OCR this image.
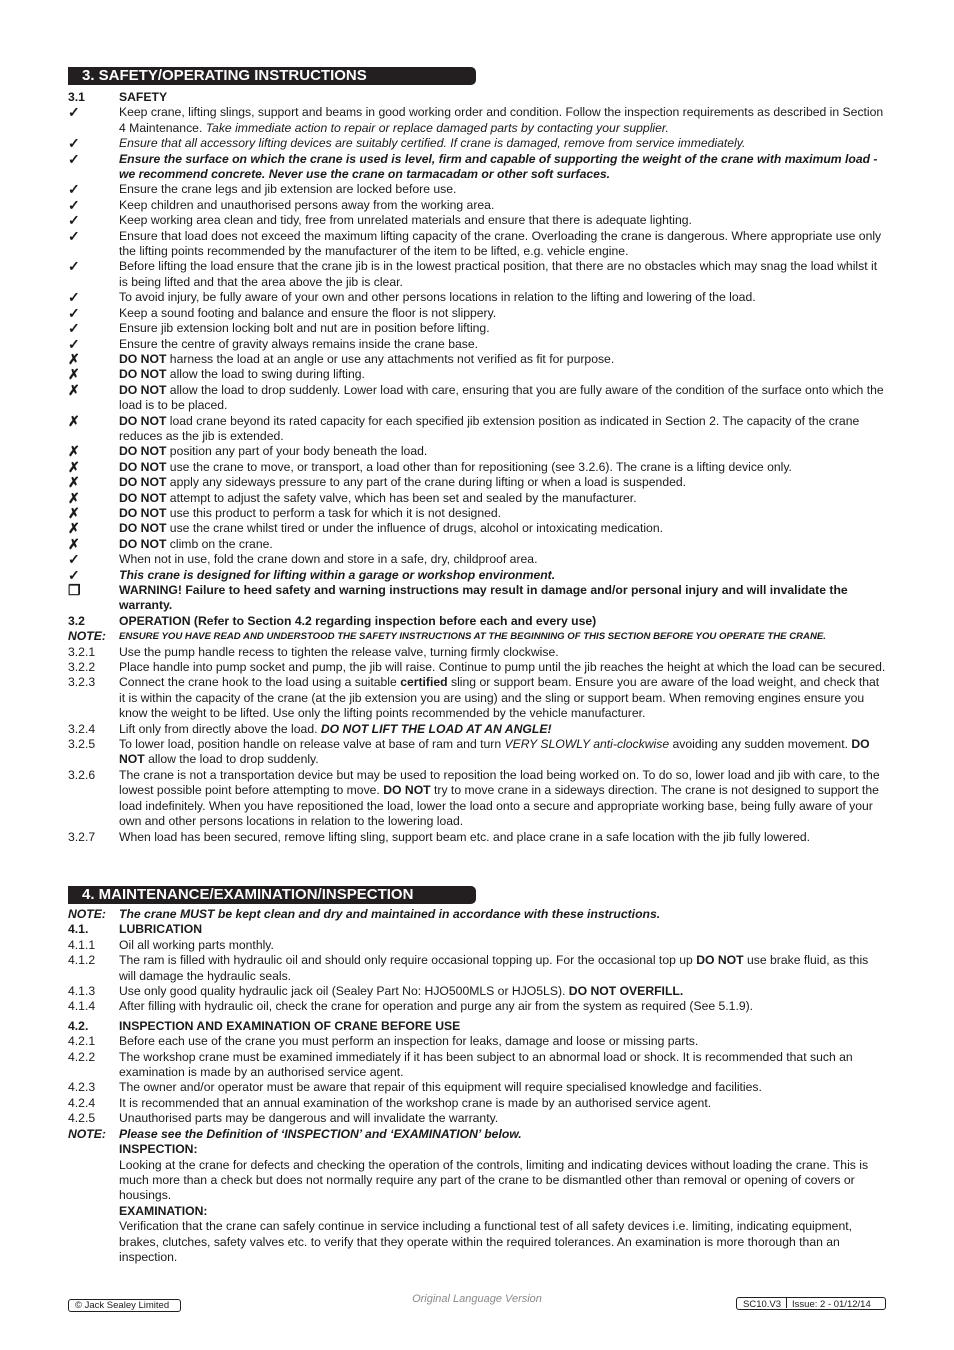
3. SAFETY/OPERATING INSTRUCTIONS
3.1	SAFETY
✓	Keep crane, lifting slings, support and beams in good working order and condition. Follow the inspection requirements as described in Section 4 Maintenance. Take immediate action to repair or replace damaged parts by contacting your supplier.
✓	Ensure that all accessory lifting devices are suitably certified. If crane is damaged, remove from service immediately.
✓	Ensure the surface on which the crane is used is level, firm and capable of supporting the weight of the crane with maximum load - we recommend concrete. Never use the crane on tarmacadam or other soft surfaces.
✓	Ensure the crane legs and jib extension are locked before use.
✓	Keep children and unauthorised persons away from the working area.
✓	Keep working area clean and tidy, free from unrelated materials and ensure that there is adequate lighting.
✓	Ensure that load does not exceed the maximum lifting capacity of the crane. Overloading the crane is dangerous. Where appropriate use only the lifting points recommended by the manufacturer of the item to be lifted, e.g. vehicle engine.
✓	Before lifting the load ensure that the crane jib is in the lowest practical position, that there are no obstacles which may snag the load whilst it is being lifted and that the area above the jib is clear.
✓	To avoid injury, be fully aware of your own and other persons locations in relation to the lifting and lowering of the load.
✓	Keep a sound footing and balance and ensure the floor is not slippery.
✓	Ensure jib extension locking bolt and nut are in position before lifting.
✓	Ensure the centre of gravity always remains inside the crane base.
✗	DO NOT harness the load at an angle or use any attachments not verified as fit for purpose.
✗	DO NOT allow the load to swing during lifting.
✗	DO NOT allow the load to drop suddenly. Lower load with care, ensuring that you are fully aware of the condition of the surface onto which the load is to be placed.
✗	DO NOT load crane beyond its rated capacity for each specified jib extension position as indicated in Section 2. The capacity of the crane reduces as the jib is extended.
✗	DO NOT position any part of your body beneath the load.
✗	DO NOT use the crane to move, or transport, a load other than for repositioning (see 3.2.6). The crane is a lifting device only.
✗	DO NOT apply any sideways pressure to any part of the crane during lifting or when a load is suspended.
✗	DO NOT attempt to adjust the safety valve, which has been set and sealed by the manufacturer.
✗	DO NOT use this product to perform a task for which it is not designed.
✗	DO NOT use the crane whilst tired or under the influence of drugs, alcohol or intoxicating medication.
✗	DO NOT climb on the crane.
✓	When not in use, fold the crane down and store in a safe, dry, childproof area.
✓	This crane is designed for lifting within a garage or workshop environment.
❐	WARNING! Failure to heed safety and warning instructions may result in damage and/or personal injury and will invalidate the warranty.
3.2	OPERATION (Refer to Section 4.2 regarding inspection before each and every use)
NOTE:	ENSURE YOU HAVE READ AND UNDERSTOOD THE SAFETY INSTRUCTIONS AT THE BEGINNING OF THIS SECTION BEFORE YOU OPERATE THE CRANE.
3.2.1	Use the pump handle recess to tighten the release valve, turning firmly clockwise.
3.2.2	Place handle into pump socket and pump, the jib will raise. Continue to pump until the jib reaches the height at which the load can be secured.
3.2.3	Connect the crane hook to the load using a suitable certified sling or support beam. Ensure you are aware of the load weight, and check that it is within the capacity of the crane (at the jib extension you are using) and the sling or support beam. When removing engines ensure you know the weight to be lifted. Use only the lifting points recommended by the vehicle manufacturer.
3.2.4	Lift only from directly above the load. DO NOT LIFT THE LOAD AT AN ANGLE!
3.2.5	To lower load, position handle on release valve at base of ram and turn VERY SLOWLY anti-clockwise avoiding any sudden movement. DO NOT allow the load to drop suddenly.
3.2.6	The crane is not a transportation device but may be used to reposition the load being worked on. To do so, lower load and jib with care, to the lowest possible point before attempting to move. DO NOT try to move crane in a sideways direction. The crane is not designed to support the load indefinitely. When you have repositioned the load, lower the load onto a secure and appropriate working base, being fully aware of your own and other persons locations in relation to the lowering load.
3.2.7	When load has been secured, remove lifting sling, support beam etc. and place crane in a safe location with the jib fully lowered.
4. MAINTENANCE/EXAMINATION/INSPECTION
NOTE:	The crane MUST be kept clean and dry and maintained in accordance with these instructions.
4.1.	LUBRICATION
4.1.1	Oil all working parts monthly.
4.1.2	The ram is filled with hydraulic oil and should only require occasional topping up. For the occasional top up DO NOT use brake fluid, as this will damage the hydraulic seals.
4.1.3	Use only good quality hydraulic jack oil (Sealey Part No: HJO500MLS or HJO5LS). DO NOT OVERFILL.
4.1.4	After filling with hydraulic oil, check the crane for operation and purge any air from the system as required (See 5.1.9).
4.2.	INSPECTION AND EXAMINATION OF CRANE BEFORE USE
4.2.1	Before each use of the crane you must perform an inspection for leaks, damage and loose or missing parts.
4.2.2	The workshop crane must be examined immediately if it has been subject to an abnormal load or shock. It is recommended that such an examination is made by an authorised service agent.
4.2.3	The owner and/or operator must be aware that repair of this equipment will require specialised knowledge and facilities.
4.2.4	It is recommended that an annual examination of the workshop crane is made by an authorised service agent.
4.2.5	Unauthorised parts may be dangerous and will invalidate the warranty.
NOTE:	Please see the Definition of ‘INSPECTION’ and ‘EXAMINATION’ below.
INSPECTION:
Looking at the crane for defects and checking the operation of the controls, limiting and indicating devices without loading the crane. This is much more than a check but does not normally require any part of the crane to be dismantled other than removal or opening of covers or housings.
EXAMINATION:
Verification that the crane can safely continue in service including a functional test of all safety devices i.e. limiting, indicating equipment, brakes, clutches, safety valves etc. to verify that they operate within the required tolerances. An examination is more thorough than an inspection.
© Jack Sealey Limited
Original Language Version	SC10.V3 Issue: 2 - 01/12/14
